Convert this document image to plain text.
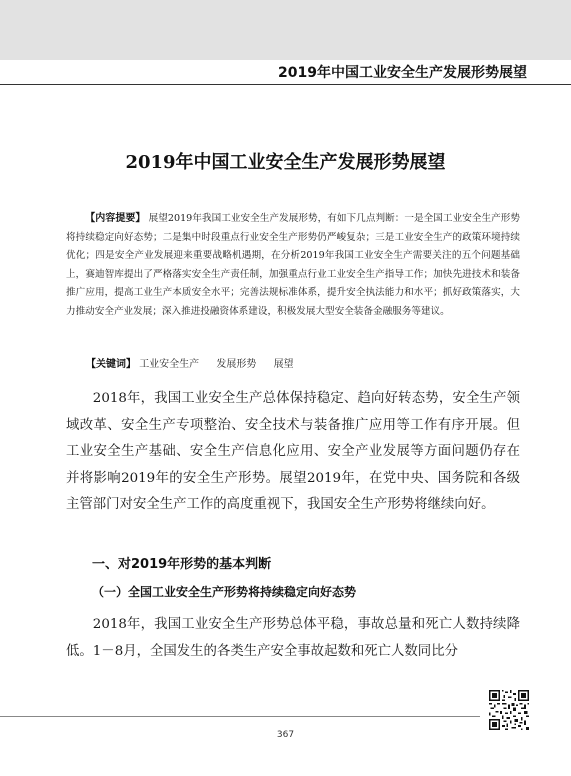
2019年中国工业安全生产发展形势展望
2019年中国工业安全生产发展形势展望
【内容提要】 展望2019年我国工业安全生产发展形势，有如下几点判断：一是全国工业安全生产形势将持续稳定向好态势；二是集中时段重点行业安全生产形势仍严峻复杂；三是工业安全生产的政策环境持续优化；四是安全产业发展迎来重要战略机遇期，在分析2019年我国工业安全生产需要关注的五个问题基础上，赛迪智库提出了严格落实安全生产责任制，加强重点行业工业安全生产指导工作；加快先进技术和装备推广应用，提高工业生产本质安全水平；完善法规标准体系，提升安全执法能力和水平；抓好政策落实，大力推动安全产业发展；深入推进投融资体系建设，积极发展大型安全装备金融服务等建议。
【关键词】 工业安全生产 发展形势 展望
2018年，我国工业安全生产总体保持稳定、趋向好转态势，安全生产领域改革、安全生产专项整治、安全技术与装备推广应用等工作有序开展。但工业安全生产基础、安全生产信息化应用、安全产业发展等方面问题仍存在并将影响2019年的安全生产形势。展望2019年，在党中央、国务院和各级主管部门对安全生产工作的高度重视下，我国安全生产形势将继续向好。
一、对2019年形势的基本判断
（一）全国工业安全生产形势将持续稳定向好态势
2018年，我国工业安全生产形势总体平稳，事故总量和死亡人数持续降低。1－8月，全国发生的各类生产安全事故起数和死亡人数同比分
367
